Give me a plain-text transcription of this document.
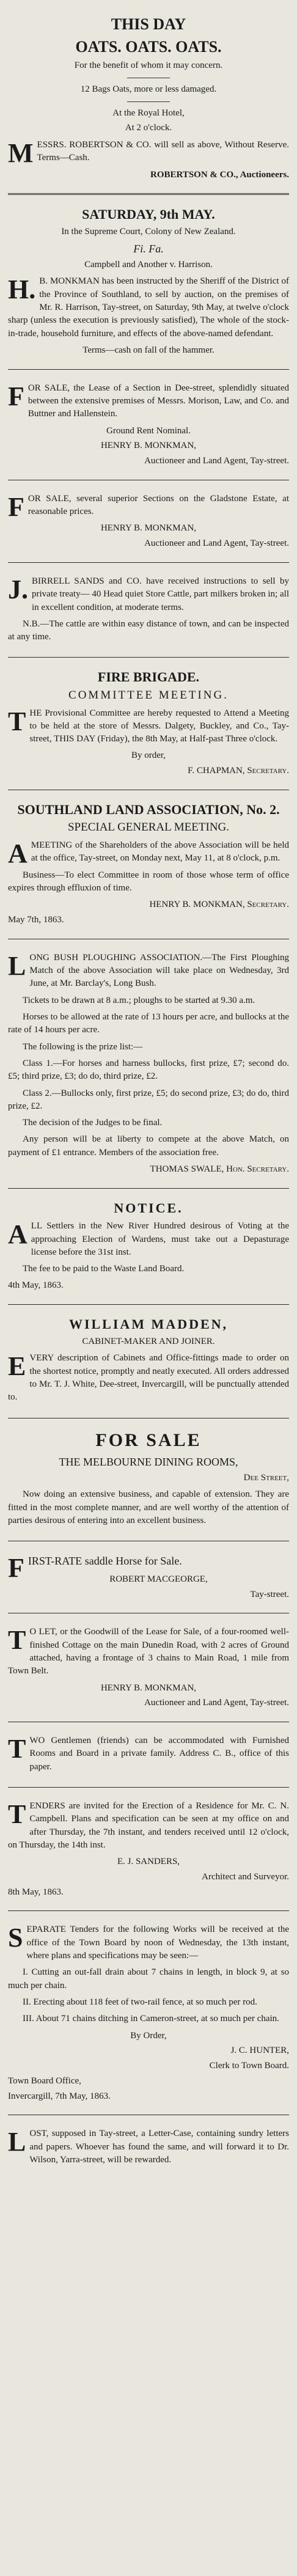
THIS DAY
OATS. OATS. OATS.
For the benefit of whom it may concern.
12 Bags Oats, more or less damaged.
At the Royal Hotel,
At 2 o'clock.

MESSRS. ROBERTSON & CO. will sell as above, Without Reserve. Terms—Cash.

ROBERTSON & CO., Auctioneers.
SATURDAY, 9th MAY.
In the Supreme Court, Colony of New Zealand.
Fi. Fa.
Campbell and Another v. Harrison.

H.B. MONKMAN has been instructed by the Sheriff of the District of the Province of Southland, to sell by auction, on the premises of Mr. R. Harrison, Tay-street, on Saturday, 9th May, at twelve o'clock sharp (unless the execution is previously satisfied), The whole of the stock-in-trade, household furniture, and effects of the above-named defendant.

Terms—cash on fall of the hammer.

FOR SALE, the Lease of a Section in Dee-street, splendidly situated between the extensive premises of Messrs. Morison, Law, and Co. and Buttner and Hallenstein.

Ground Rent Nominal.
HENRY B. MONKMAN,
Auctioneer and Land Agent, Tay-street.

FOR SALE, several superior Sections on the Gladstone Estate, at reasonable prices.

HENRY B. MONKMAN,
Auctioneer and Land Agent, Tay-street.

J.BIRRELL SANDS and CO. have received instructions to sell by private treaty— 40 Head quiet Store Cattle, part milkers broken in; all in excellent condition, at moderate terms.

N.B.—The cattle are within easy distance of town, and can be inspected at any time.

FIRE BRIGADE.
COMMITTEE MEETING.

THE Provisional Committee are hereby requested to Attend a Meeting to be held at the store of Messrs. Dalgety, Buckley, and Co., Tay-street, THIS DAY (Friday), the 8th May, at Half-past Three o'clock.

By order,
F. CHAPMAN, Secretary.
SOUTHLAND LAND ASSOCIATION, No. 2.
SPECIAL GENERAL MEETING.

AMEETING of the Shareholders of the above Association will be held at the office, Tay-street, on Monday next, May 11, at 8 o'clock, p.m.

Business—To elect Committee in room of those whose term of office expires through effluxion of time.

HENRY B. MONKMAN, Secretary.
May 7th, 1863.

LONG BUSH PLOUGHING ASSOCIATION.—The First Ploughing Match of the above Association will take place on Wednesday, 3rd June, at Mr. Barclay's, Long Bush.

Tickets to be drawn at 8 a.m.; ploughs to be started at 9.30 a.m.

Horses to be allowed at the rate of 13 hours per acre, and bullocks at the rate of 14 hours per acre.

The following is the prize list:—

Class 1.—For horses and harness bullocks, first prize, £7; second do. £5; third prize, £3; do do, third prize, £2.

Class 2.—Bullocks only, first prize, £5; do second prize, £3; do do, third prize, £2.

The decision of the Judges to be final.

Any person will be at liberty to compete at the above Match, on payment of £1 entrance. Members of the association free.

THOMAS SWALE, Hon. Secretary.
NOTICE.

ALL Settlers in the New River Hundred desirous of Voting at the approaching Election of Wardens, must take out a Depasturage license before the 31st inst.

The fee to be paid to the Waste Land Board.

4th May, 1863.
WILLIAM MADDEN,
CABINET-MAKER AND JOINER.

EVERY description of Cabinets and Office-fittings made to order on the shortest notice, promptly and neatly executed. All orders addressed to Mr. T. J. White, Dee-street, Invercargill, will be punctually attended to.

FOR SALE
THE MELBOURNE DINING ROOMS,
Dee Street,

Now doing an extensive business, and capable of extension. They are fitted in the most complete manner, and are well worthy of the attention of parties desirous of entering into an excellent business.

FIRST-RATE saddle Horse for Sale.

ROBERT MACGEORGE,
Tay-street.

TO LET, or the Goodwill of the Lease for Sale, of a four-roomed well-finished Cottage on the main Dunedin Road, with 2 acres of Ground attached, having a frontage of 3 chains to Main Road, 1 mile from Town Belt.

HENRY B. MONKMAN,
Auctioneer and Land Agent, Tay-street.

TWO Gentlemen (friends) can be accommodated with Furnished Rooms and Board in a private family. Address C. B., office of this paper.

TENDERS are invited for the Erection of a Residence for Mr. C. N. Campbell. Plans and specification can be seen at my office on and after Thursday, the 7th instant, and tenders received until 12 o'clock, on Thursday, the 14th inst.

E. J. SANDERS,
Architect and Surveyor.
8th May, 1863.

SEPARATE Tenders for the following Works will be received at the office of the Town Board by noon of Wednesday, the 13th instant, where plans and specifications may be seen:—

I. Cutting an out-fall drain about 7 chains in length, in block 9, at so much per chain.

II. Erecting about 118 feet of two-rail fence, at so much per rod.

III. About 71 chains ditching in Cameron-street, at so much per chain.

By Order,
J. C. HUNTER,
Clerk to Town Board.
Town Board Office,
Invercargill, 7th May, 1863.

LOST, supposed in Tay-street, a Letter-Case, containing sundry letters and papers. Whoever has found the same, and will forward it to Dr. Wilson, Yarra-street, will be rewarded.
